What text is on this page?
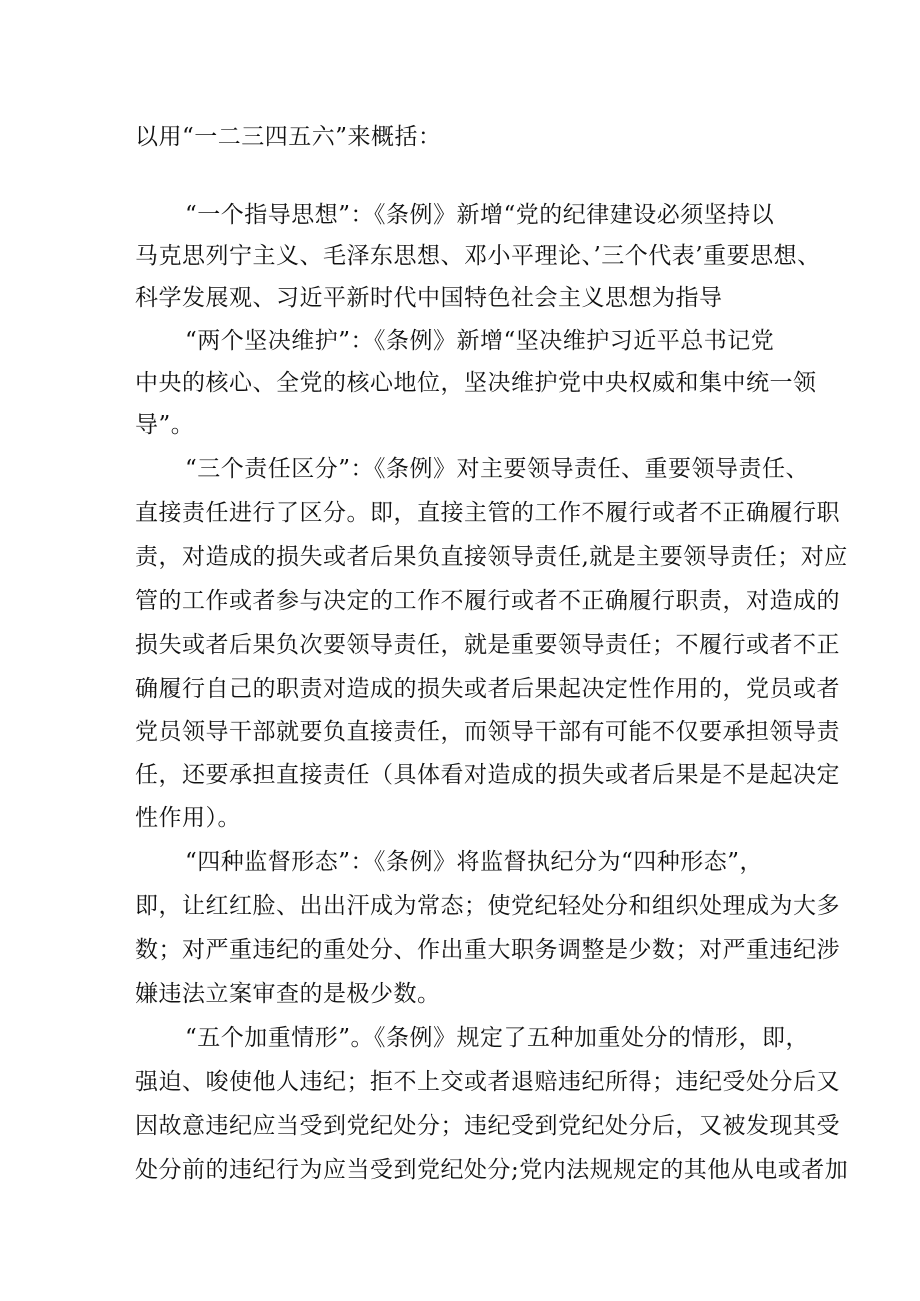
以用“一二三四五六”来概括：
“一个指导思想”：《条例》新增“党的纪律建设必须坚持以
马克思列宁主义、毛泽东思想、邓小平理论、’三个代表’重要思想、
科学发展观、习近平新时代中国特色社会主义思想为指导
“两个坚决维护”：《条例》新增“坚决维护习近平总书记党
中央的核心、全党的核心地位，坚决维护党中央权威和集中统一领
导”。
“三个责任区分”：《条例》对主要领导责任、重要领导责任、
直接责任进行了区分。即，直接主管的工作不履行或者不正确履行职
责，对造成的损失或者后果负直接领导责任,就是主要领导责任；对应
管的工作或者参与决定的工作不履行或者不正确履行职责，对造成的
损失或者后果负次要领导责任，就是重要领导责任；不履行或者不正
确履行自己的职责对造成的损失或者后果起决定性作用的，党员或者
党员领导干部就要负直接责任，而领导干部有可能不仅要承担领导责
任，还要承担直接责任（具体看对造成的损失或者后果是不是起决定
性作用）。
“四种监督形态”：《条例》将监督执纪分为“四种形态”，
即，让红红脸、出出汗成为常态；使党纪轻处分和组织处理成为大多
数；对严重违纪的重处分、作出重大职务调整是少数；对严重违纪涉
嫌违法立案审查的是极少数。
“五个加重情形”。《条例》规定了五种加重处分的情形，即，
强迫、唆使他人违纪；拒不上交或者退赔违纪所得；违纪受处分后又
因故意违纪应当受到党纪处分；违纪受到党纪处分后，又被发现其受
处分前的违纪行为应当受到党纪处分;党内法规规定的其他从电或者加
